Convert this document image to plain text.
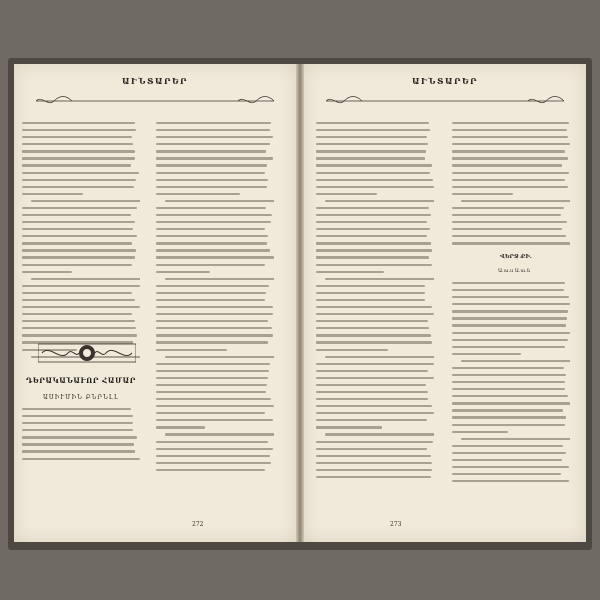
ԱՒՆՏԱՐԵՐ
ԴԵՐԱԿԱՆԱՒՈՐ ՀԱՄԱՐ
ԱՍԻՒՄԻՆ ԲՆՐՆԼԼ
272
ԱՒՆՏԱՐԵՐ
ՎԵՐՋ ՔԻ.
Ա.ա.ս Ա.ա.ն
273
